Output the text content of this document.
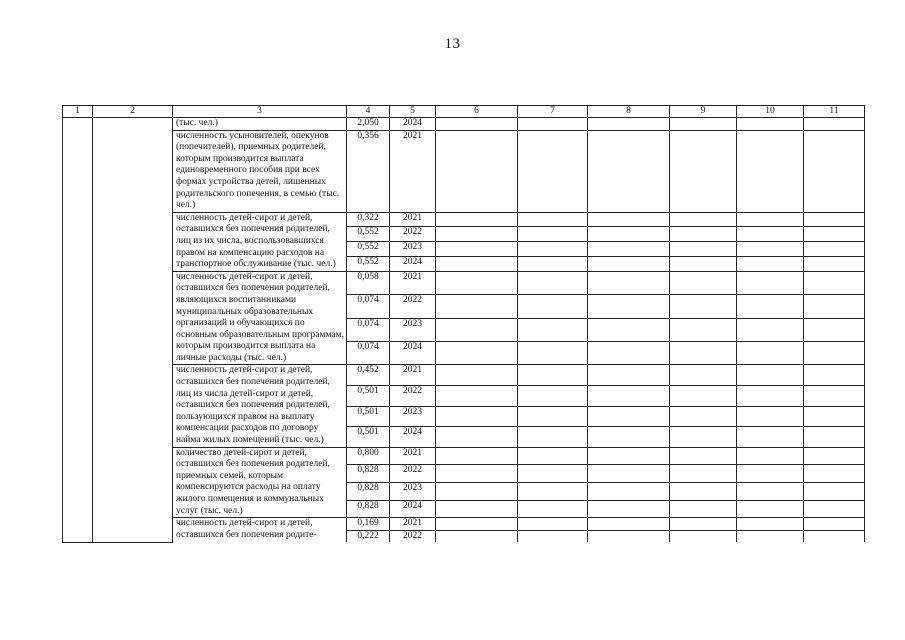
13
1	2	3	4	5	6	7	8	9	10	11
		(тыс. чел.)	2,050	2024						
		численность усыновителей, опекунов (попечителей), приемных родителей, которым производится выплата единовременного пособия при всех формах устройства детей, лишенных родительского попечения, в семью (тыс. чел.)	0,356	2021						
		численность детей-сирот и детей, оставшихся без попечения родителей, лиц из их числа, воспользовавшихся правом на компенсацию расходов на транспортное обслуживание (тыс. чел.)	0,322	2021						
			0,552	2022						
			0,552	2023						
			0,552	2024						
		численность детей-сирот и детей, оставшихся без попечения родителей, являющихся воспитанниками муниципальных образовательных организаций и обучающихся по основным образовательным программам, которым производится выплата на личные расходы (тыс. чел.)	0,058	2021						
			0,074	2022						
			0,074	2023						
			0,074	2024						
		численность детей-сирот и детей, оставшихся без попечения родителей, лиц из числа детей-сирот и детей, оставшихся без попечения родителей, пользующихся правом на выплату компенсации расходов по договору найма жилых помещений (тыс. чел.)	0,452	2021						
			0,501	2022						
			0,501	2023						
			0,501	2024						
		количество детей-сирот и детей, оставшихся без попечения родителей, приемных семей, которым компенсируются расходы на оплату жилого помещения и коммунальных услуг (тыс. чел.)	0,800	2021						
			0,828	2022						
			0,828	2023						
			0,828	2024						
		численность детей-сирот и детей, оставшихся без попечения родите-	0,169	2021						
			0,222	2022						
